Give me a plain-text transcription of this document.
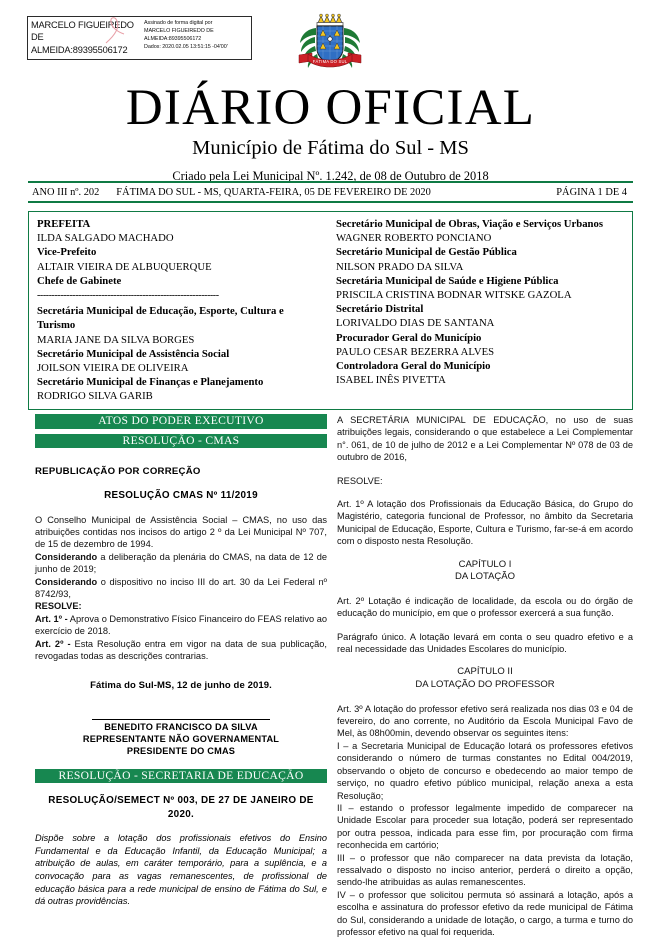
MARCELO FIGUEIREDO
DE
ALMEIDA:89395506172
Assinado de forma digital por
MARCELO FIGUEIREDO DE
ALMEIDA:89395506172
Dados: 2020.02.05 13:51:15 -04'00'
FÁTIMA DO SUL
DIÁRIO OFICIAL
Município de Fátima do Sul - MS
Criado pela Lei Municipal Nº. 1.242, de 08 de Outubro de 2018
ANO III nº. 202	FÁTIMA DO SUL - MS, QUARTA-FEIRA, 05 DE FEVEREIRO DE 2020	PÁGINA 1 DE 4
PREFEITA
ILDA SALGADO MACHADO
Vice-Prefeito
ALTAIR VIEIRA DE ALBUQUERQUE
Chefe de Gabinete
--------------------------------------------------------------
Secretária Municipal de Educação, Esporte, Cultura e Turismo
MARIA JANE DA SILVA BORGES
Secretário Municipal de Assistência Social
JOILSON VIEIRA DE OLIVEIRA
Secretário Municipal de Finanças e Planejamento
RODRIGO SILVA GARIB
Secretário Municipal de Obras, Viação e Serviços Urbanos
WAGNER ROBERTO PONCIANO
Secretário Municipal de Gestão Pública
NILSON PRADO DA SILVA
Secretária Municipal de Saúde e Higiene Pública
PRISCILA CRISTINA BODNAR WITSKE GAZOLA
Secretário Distrital
LORIVALDO DIAS DE SANTANA
Procurador Geral do Município
PAULO CESAR BEZERRA ALVES
Controladora Geral do Município
ISABEL INÊS PIVETTA
ATOS DO PODER EXECUTIVO
RESOLUÇÃO - CMAS
REPUBLICAÇÃO POR CORREÇÃO
RESOLUÇÃO CMAS Nº 11/2019

O Conselho Municipal de Assistência Social – CMAS, no uso das atribuições contidas nos incisos do artigo 2 º da Lei Municipal Nº 707, de 15 de dezembro de 1994.

Considerando a deliberação da plenária do CMAS, na data de 12 de junho de 2019;

Considerando o dispositivo no inciso III do art. 30 da Lei Federal nº 8742/93,

RESOLVE:

Art. 1º - Aprova o Demonstrativo Físico Financeiro do FEAS relativo ao exercício de 2018.

Art. 2º - Esta Resolução entra em vigor na data de sua publicação, revogadas todas as descrições contrarias.

Fátima do Sul-MS, 12 de junho de 2019.
BENEDITO FRANCISCO DA SILVA
REPRESENTANTE NÃO GOVERNAMENTAL
PRESIDENTE DO CMAS
RESOLUÇÃO - SECRETARIA DE EDUCAÇÃO
RESOLUÇÃO/SEMECT Nº 003, DE 27 DE JANEIRO DE 2020.
Dispõe sobre a lotação dos profissionais efetivos do Ensino Fundamental e da Educação Infantil, da Educação Municipal; a atribuição de aulas, em caráter temporário, para a suplência, e a convocação para as vagas remanescentes, de profissional de educação básica para a rede municipal de ensino de Fátima do Sul, e dá outras providências.

A SECRETÁRIA MUNICIPAL DE EDUCAÇÃO, no uso de suas atribuições legais, considerando o que estabelece a Lei Complementar n°. 061, de 10 de julho de 2012 e a Lei Complementar Nº 078 de 03 de outubro de 2016,

RESOLVE:

Art. 1º A lotação dos Profissionais da Educação Básica, do Grupo do Magistério, categoria funcional de Professor, no âmbito da Secretaria Municipal de Educação, Esporte, Cultura e Turismo, far-se-á em acordo com o disposto nesta Resolução.

CAPÍTULO I
DA LOTAÇÃO

Art. 2º Lotação é indicação de localidade, da escola ou do órgão de educação do município, em que o professor exercerá a sua função.

Parágrafo único. A lotação levará em conta o seu quadro efetivo e a real necessidade das Unidades Escolares do município.

CAPÍTULO II
DA LOTAÇÃO DO PROFESSOR

Art. 3º A lotação do professor efetivo será realizada nos dias 03 e 04 de fevereiro, do ano corrente, no Auditório da Escola Municipal Favo de Mel, às 08h00min, devendo observar os seguintes itens:

I – a Secretaria Municipal de Educação lotará os professores efetivos considerando o número de turmas constantes no Edital 004/2019, observando o objeto de concurso e obedecendo ao maior tempo de serviço, no quadro efetivo público municipal, relação anexa a esta Resolução;

II – estando o professor legalmente impedido de comparecer na Unidade Escolar para proceder sua lotação, poderá ser representado por outra pessoa, indicada para esse fim, por procuração com firma reconhecida em cartório;

III – o professor que não comparecer na data prevista da lotação, ressalvado o disposto no inciso anterior, perderá o direito a opção, sendo-lhe atribuidas as aulas remanescentes.

IV – o professor que solicitou permuta só assinará a lotação, após a escolha e assinatura do professor efetivo da rede municipal de Fátima do Sul, considerando a unidade de lotação, o cargo, a turma e turno do professor efetivo na qual foi requerida.
